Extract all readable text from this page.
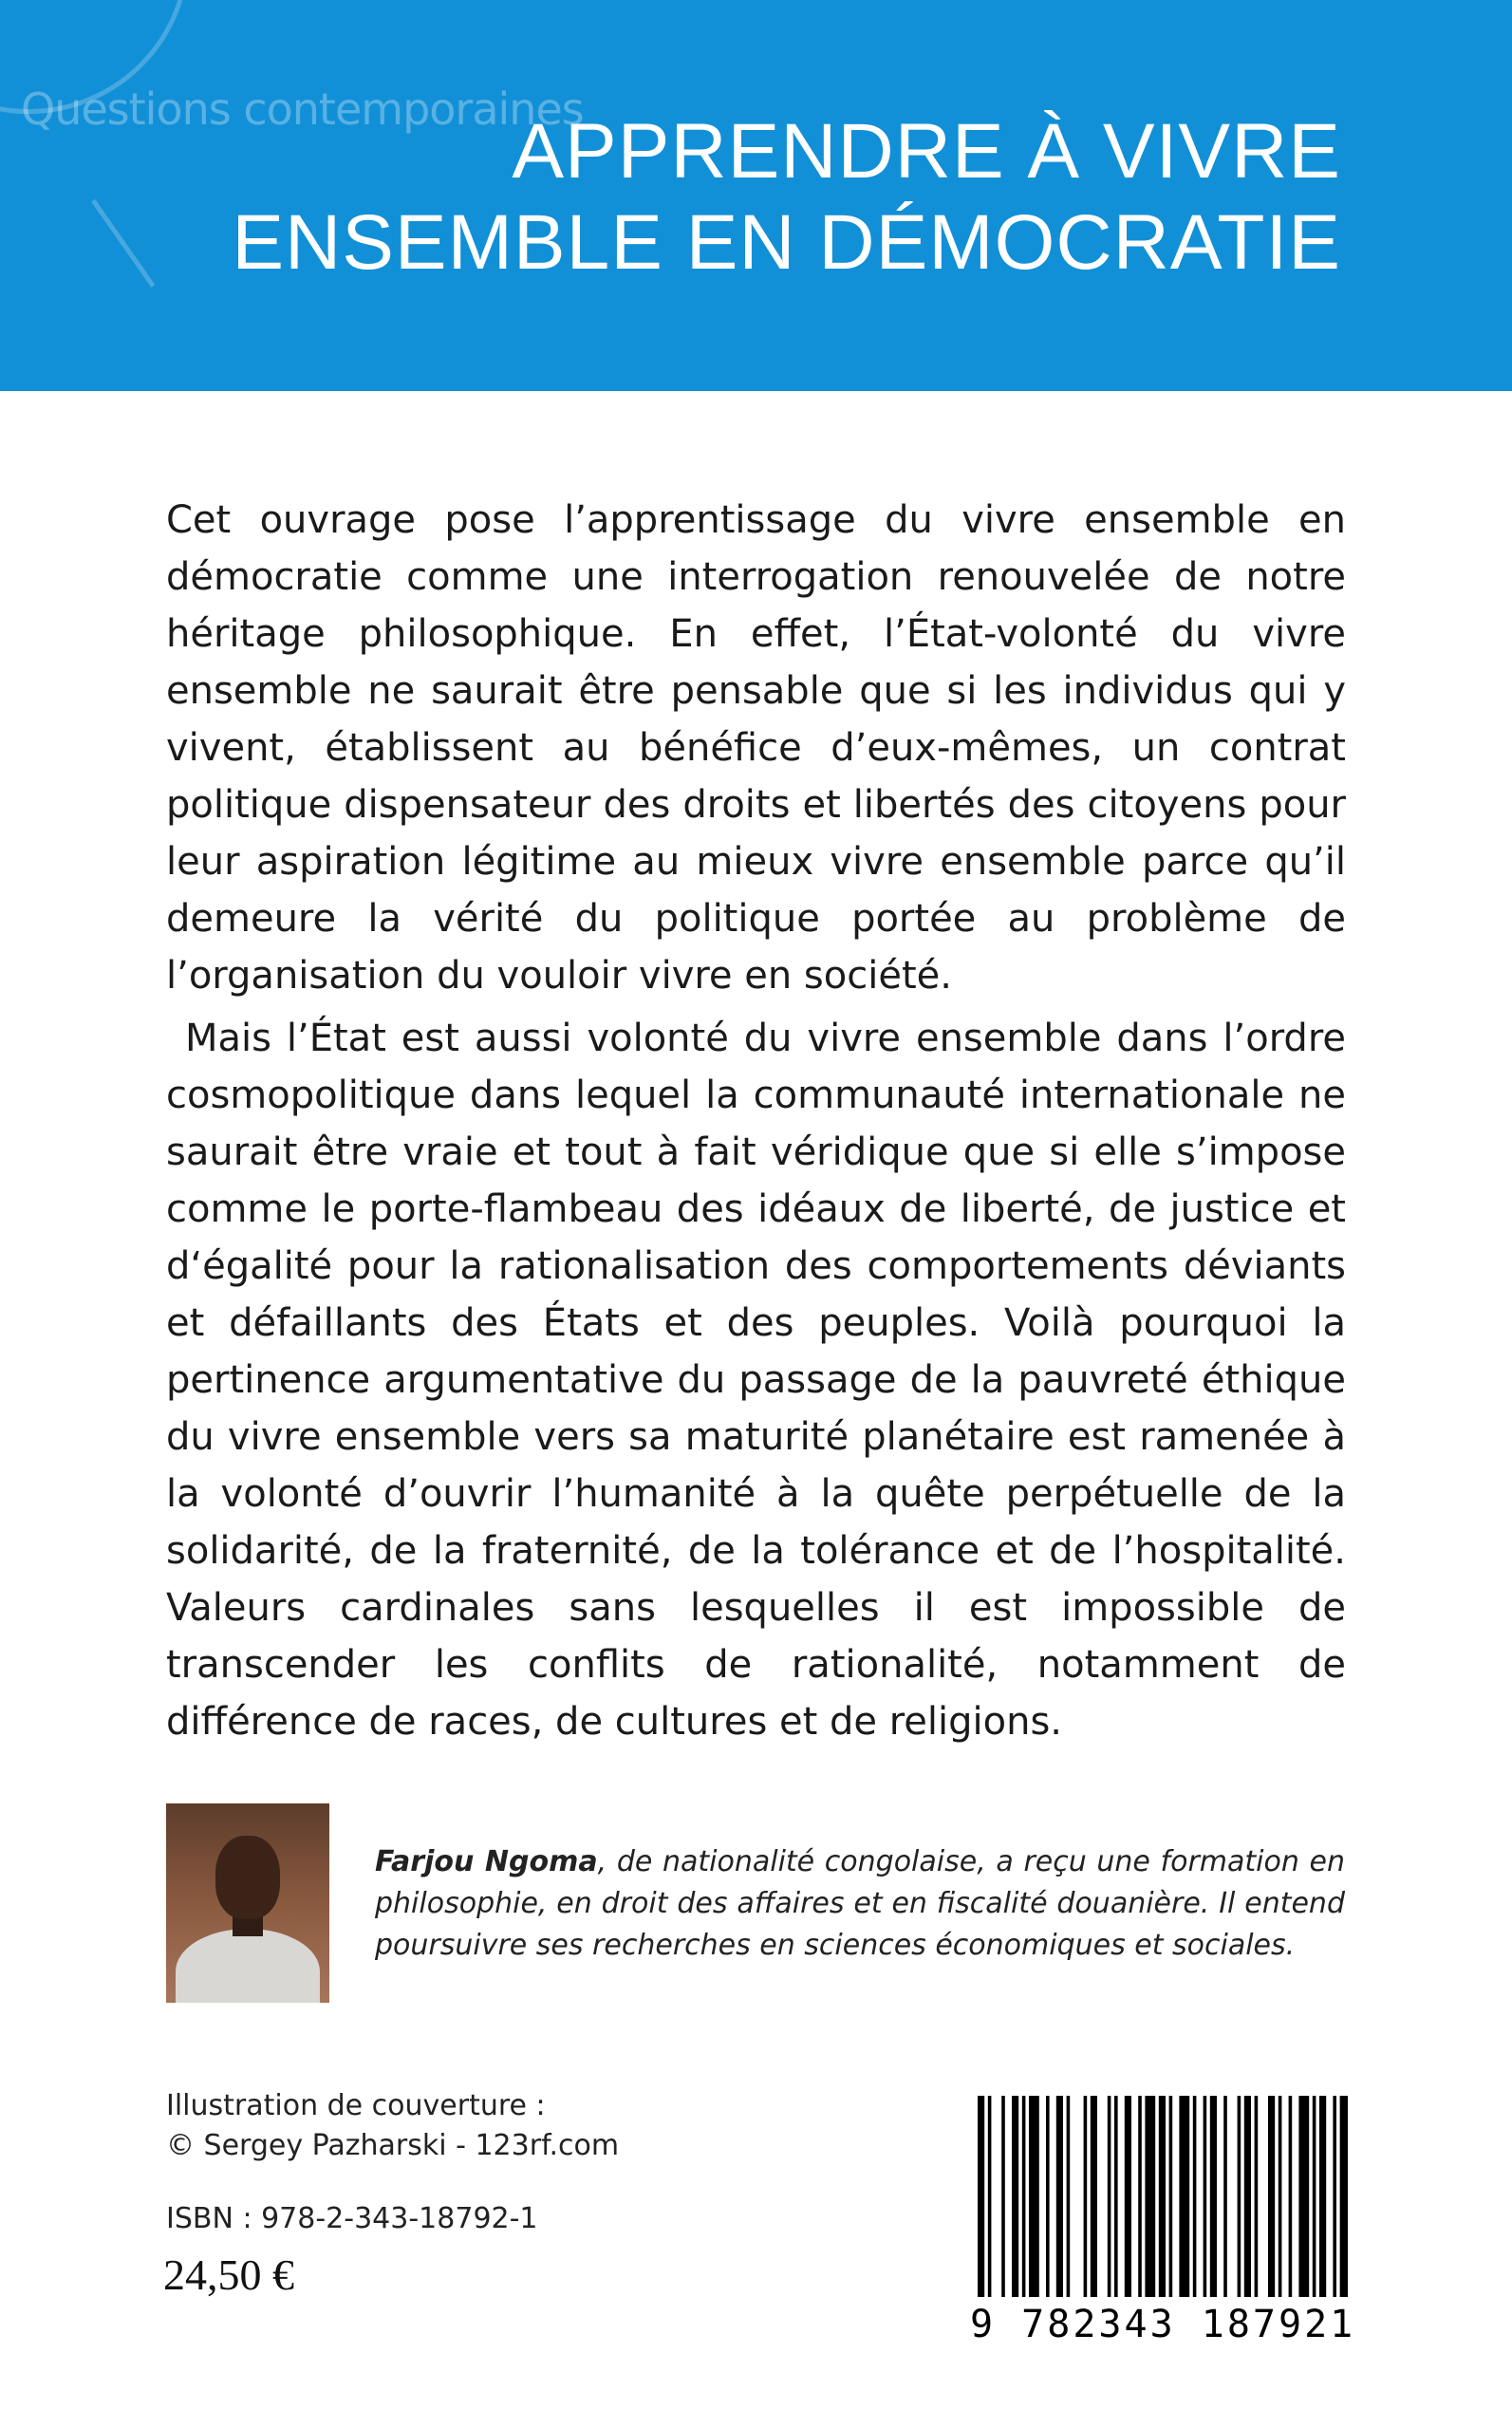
Questions contemporaines
APPRENDRE À VIVRE
ENSEMBLE EN DÉMOCRATIE

Cet ouvrage pose l’apprentissage du vivre ensemble en démocratie comme une interrogation renouvelée de notre héritage philosophique. En effet, l’État-volonté du vivre ensemble ne saurait être pensable que si les individus qui y vivent, établissent au bénéfice d’eux-mêmes, un contrat politique dispensateur des droits et libertés des citoyens pour leur aspiration légitime au mieux vivre ensemble parce qu’il demeure la vérité du politique portée au problème de l’organisation du vouloir vivre en société.

Mais l’État est aussi volonté du vivre ensemble dans l’ordre cosmopolitique dans lequel la communauté internationale ne saurait être vraie et tout à fait véridique que si elle s’impose comme le porte-flambeau des idéaux de liberté, de justice et d‘égalité pour la rationalisation des comportements déviants et défaillants des États et des peuples. Voilà pourquoi la pertinence argumentative du passage de la pauvreté éthique du vivre ensemble vers sa maturité planétaire est ramenée à la volonté d’ouvrir l’humanité à la quête perpétuelle de la solidarité, de la fraternité, de la tolérance et de l’hospitalité. Valeurs cardinales sans lesquelles il est impossible de transcender les conflits de rationalité, notamment de différence de races, de cultures et de religions.

Farjou Ngoma, de nationalité congolaise, a reçu une formation en philosophie, en droit des affaires et en fiscalité douanière. Il entend poursuivre ses recherches en sciences économiques et sociales.
Illustration de couverture :
© Sergey Pazharski - 123rf.com
ISBN : 978-2-343-18792-1
24,50 €
9 782343 187921
